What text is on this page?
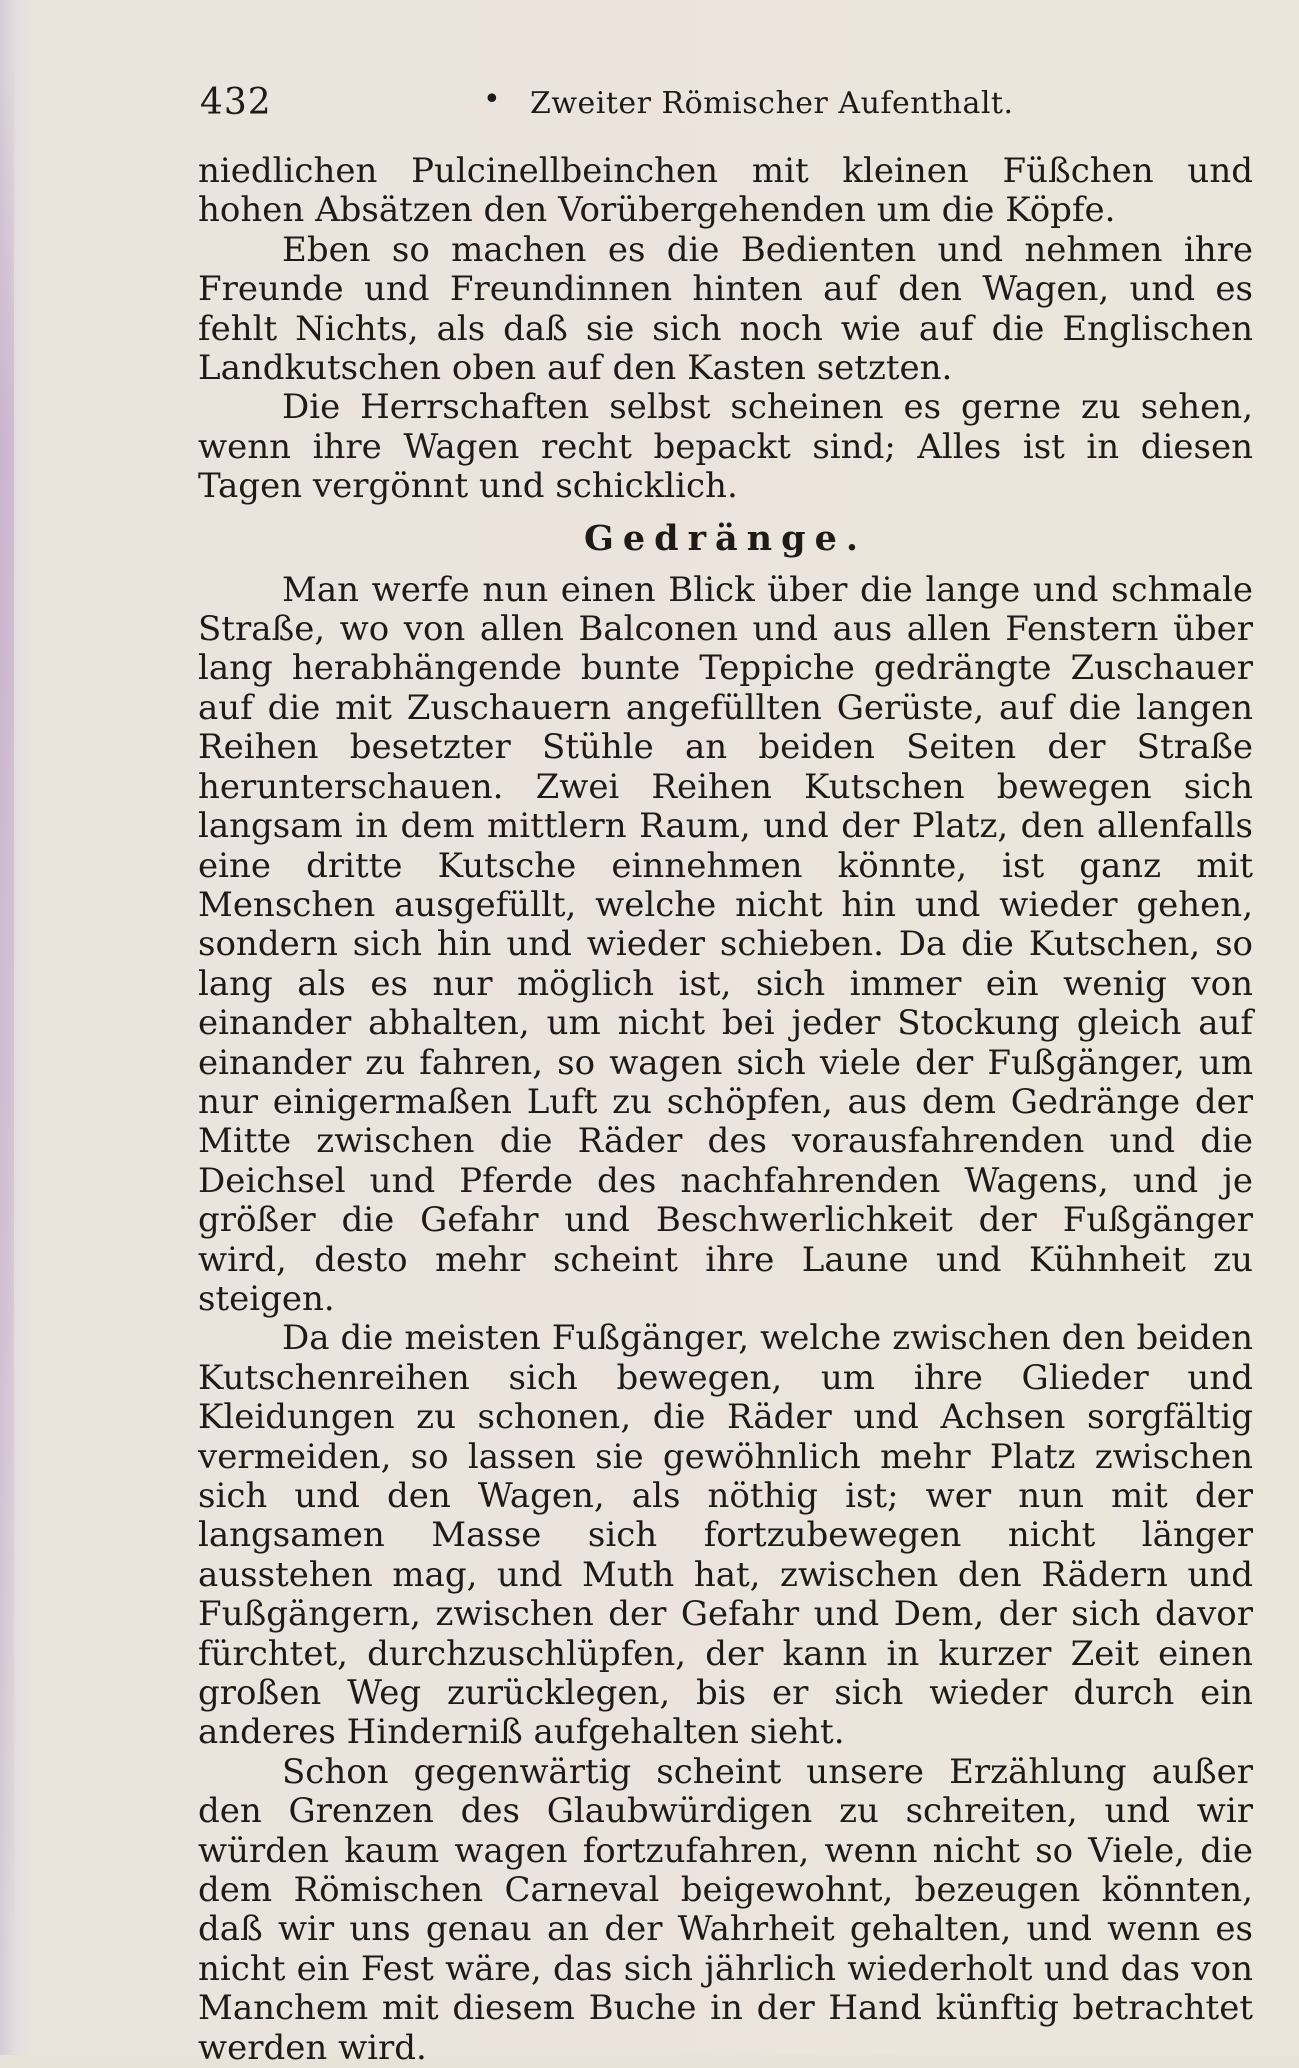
432	• Zweiter Römischer Aufenthalt.

niedlichen Pulcinellbeinchen mit kleinen Füßchen und hohen Absätzen den Vorübergehenden um die Köpfe.

Eben so machen es die Bedienten und nehmen ihre Freunde und Freundinnen hinten auf den Wagen, und es fehlt Nichts, als daß sie sich noch wie auf die Englischen Landkutschen oben auf den Kasten setzten.

Die Herrschaften selbst scheinen es gerne zu sehen, wenn ihre Wagen recht bepackt sind; Alles ist in diesen Tagen vergönnt und schicklich.

Gedränge.

Man werfe nun einen Blick über die lange und schmale Straße, wo von allen Balconen und aus allen Fenstern über lang herabhängende bunte Teppiche gedrängte Zuschauer auf die mit Zuschauern angefüllten Gerüste, auf die langen Reihen besetzter Stühle an beiden Seiten der Straße herunterschauen. Zwei Reihen Kutschen bewegen sich langsam in dem mittlern Raum, und der Platz, den allenfalls eine dritte Kutsche einnehmen könnte, ist ganz mit Menschen ausgefüllt, welche nicht hin und wieder gehen, sondern sich hin und wieder schieben. Da die Kutschen, so lang als es nur möglich ist, sich immer ein wenig von einander abhalten, um nicht bei jeder Stockung gleich auf einander zu fahren, so wagen sich viele der Fußgänger, um nur einigermaßen Luft zu schöpfen, aus dem Gedränge der Mitte zwischen die Räder des vorausfahrenden und die Deichsel und Pferde des nachfahrenden Wagens, und je größer die Gefahr und Beschwerlichkeit der Fußgänger wird, desto mehr scheint ihre Laune und Kühnheit zu steigen.

Da die meisten Fußgänger, welche zwischen den beiden Kutschenreihen sich bewegen, um ihre Glieder und Kleidungen zu schonen, die Räder und Achsen sorgfältig vermeiden, so lassen sie gewöhnlich mehr Platz zwischen sich und den Wagen, als nöthig ist; wer nun mit der langsamen Masse sich fortzubewegen nicht länger ausstehen mag, und Muth hat, zwischen den Rädern und Fußgängern, zwischen der Gefahr und Dem, der sich davor fürchtet, durchzuschlüpfen, der kann in kurzer Zeit einen großen Weg zurücklegen, bis er sich wieder durch ein anderes Hinderniß aufgehalten sieht.

Schon gegenwärtig scheint unsere Erzählung außer den Grenzen des Glaubwürdigen zu schreiten, und wir würden kaum wagen fortzufahren, wenn nicht so Viele, die dem Römischen Carneval beigewohnt, bezeugen könnten, daß wir uns genau an der Wahrheit gehalten, und wenn es nicht ein Fest wäre, das sich jährlich wiederholt und das von Manchem mit diesem Buche in der Hand künftig betrachtet werden wird.
